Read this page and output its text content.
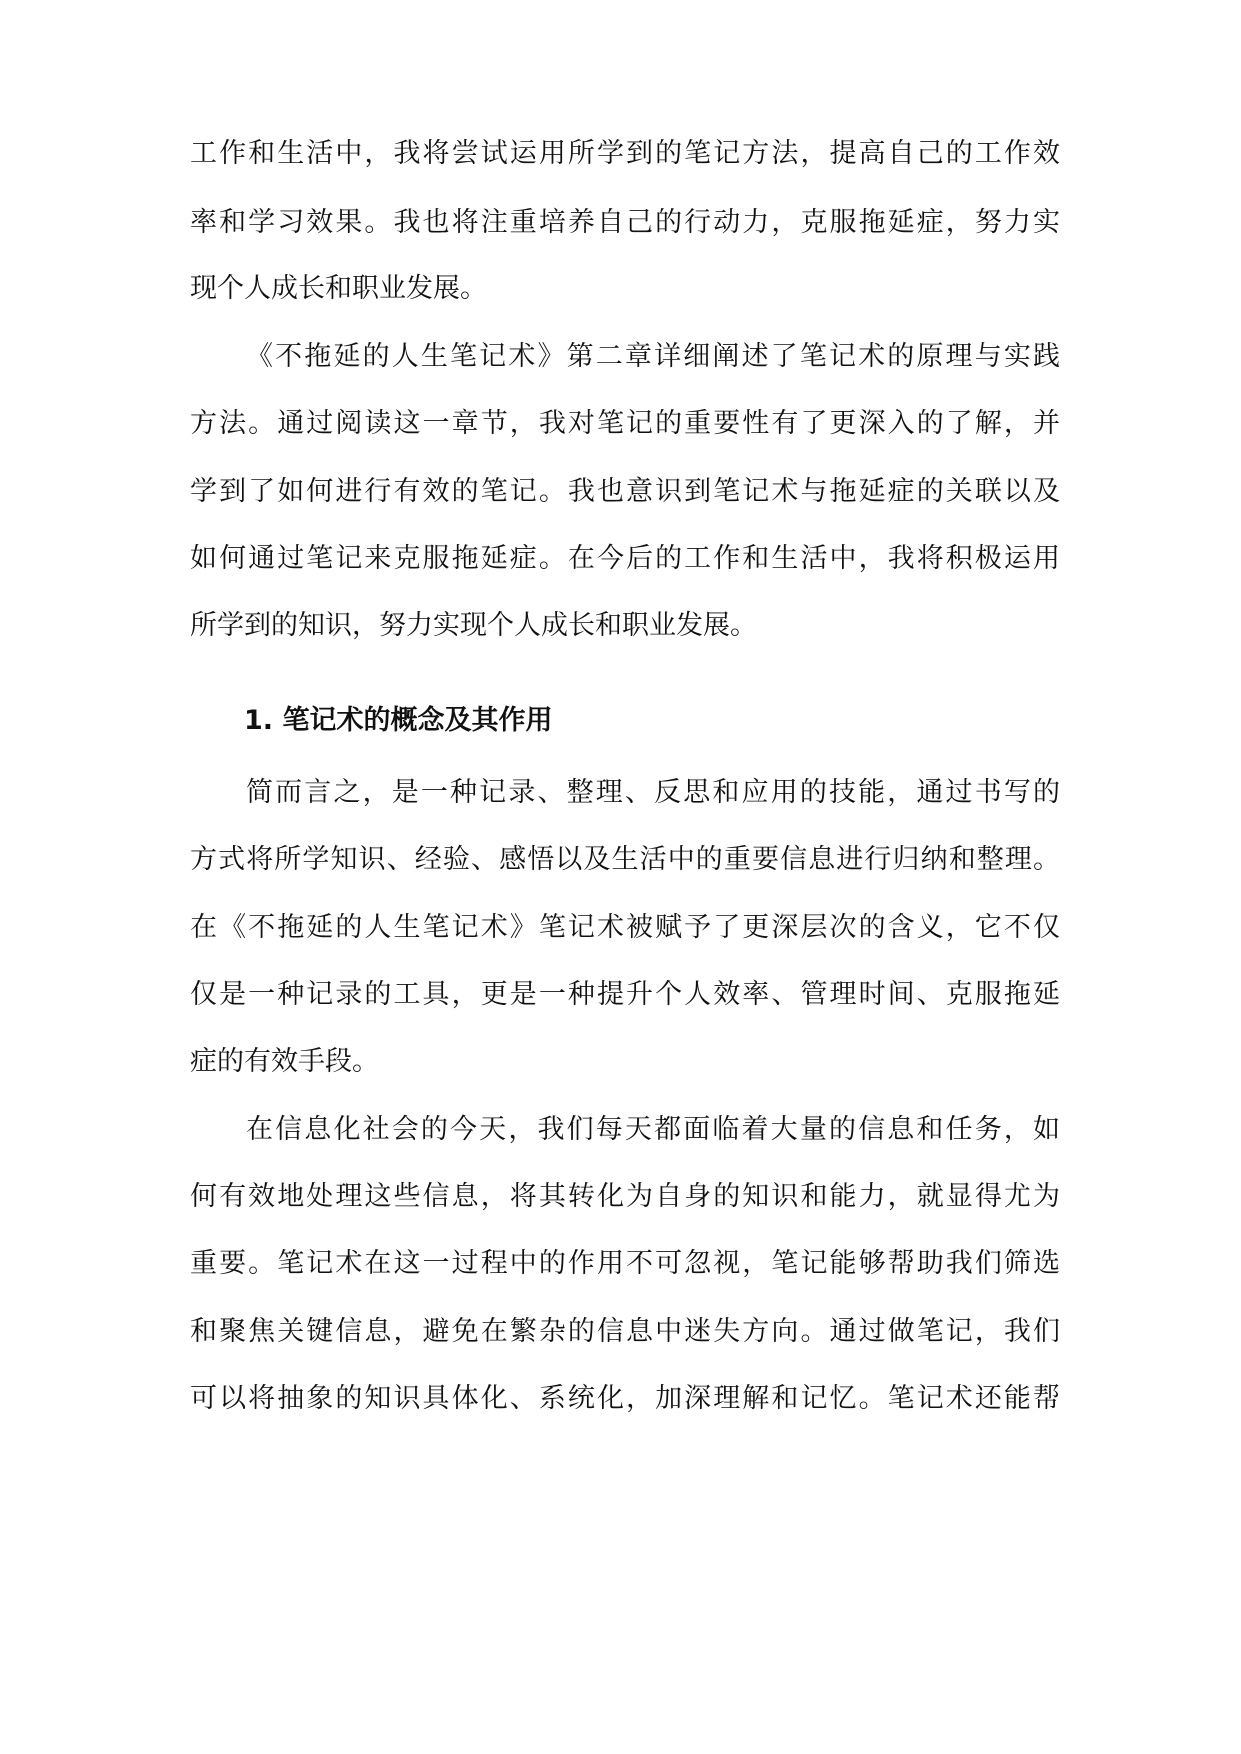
工作和生活中，我将尝试运用所学到的笔记方法，提高自己的工作效

率和学习效果。我也将注重培养自己的行动力，克服拖延症，努力实

现个人成长和职业发展。

《不拖延的人生笔记术》第二章详细阐述了笔记术的原理与实践

方法。通过阅读这一章节，我对笔记的重要性有了更深入的了解，并

学到了如何进行有效的笔记。我也意识到笔记术与拖延症的关联以及

如何通过笔记来克服拖延症。在今后的工作和生活中，我将积极运用

所学到的知识，努力实现个人成长和职业发展。

1. 笔记术的概念及其作用

简而言之，是一种记录、整理、反思和应用的技能，通过书写的

方式将所学知识、经验、感悟以及生活中的重要信息进行归纳和整理。

在《不拖延的人生笔记术》笔记术被赋予了更深层次的含义，它不仅

仅是一种记录的工具，更是一种提升个人效率、管理时间、克服拖延

症的有效手段。

在信息化社会的今天，我们每天都面临着大量的信息和任务，如

何有效地处理这些信息，将其转化为自身的知识和能力，就显得尤为

重要。笔记术在这一过程中的作用不可忽视，笔记能够帮助我们筛选

和聚焦关键信息，避免在繁杂的信息中迷失方向。通过做笔记，我们

可以将抽象的知识具体化、系统化，加深理解和记忆。笔记术还能帮
